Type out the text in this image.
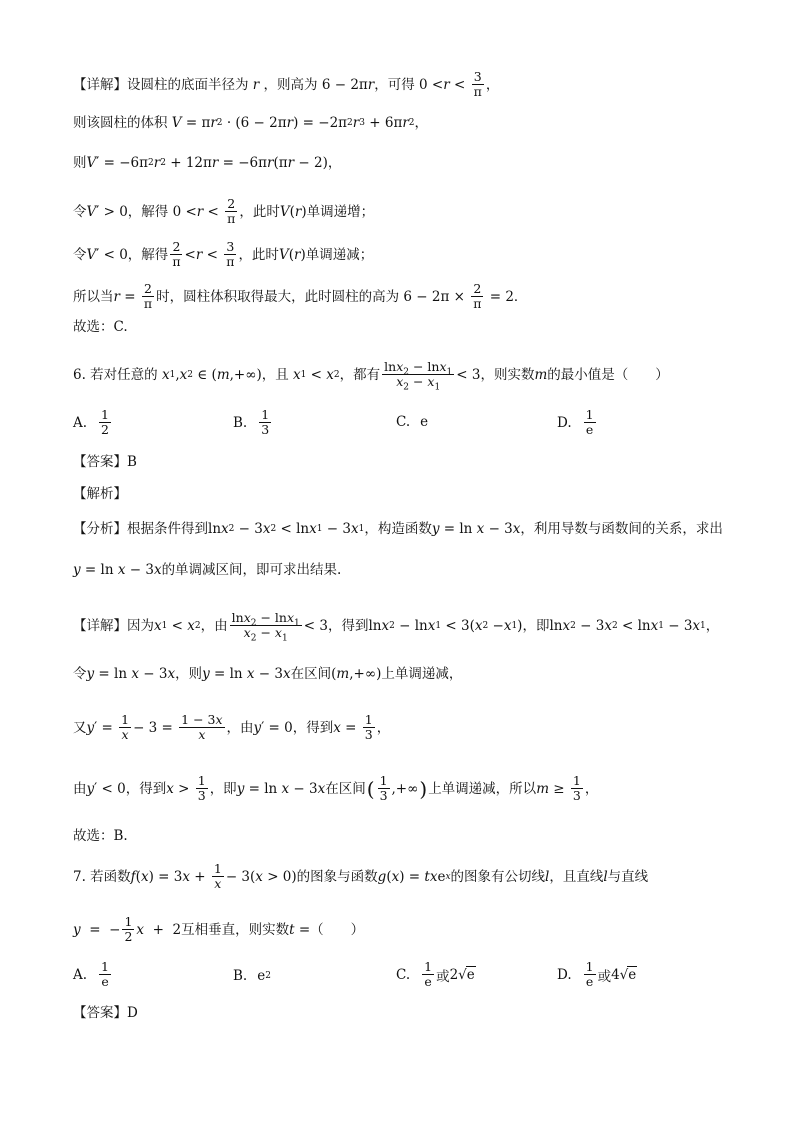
【详解】设圆柱的底面半径为 r ，则高为 6 − 2π r ，可得 $0 < r < \frac{3}{\pi}$ ，
则该圆柱的体积 V = π r 2 · (6 − 2π r ) = −2π 2 r 3 + 6π r 2 ，
则 V ′ = −6π 2 r 2 + 12π r = −6π r (π r − 2)，
令 V ′ > 0，解得 $0 < r < \frac{2}{\pi}$ ，此时 V ( r )单调递增；
令 V ′ < 0，解得 $\frac{2}{\pi} < r < \frac{3}{\pi}$ ，此时 V ( r )单调递减；
所以当 $r = \frac{2}{\pi}$ 时，圆柱体积取得最大，此时圆柱的高为 $6 - 2\pi \times \frac{2}{\pi} = 2$．
故选：C.
6. 若对任意的 x 1 , x 2 ∈ ( m ,+∞)，且 x 1 < x 2 ，都有 $\frac{\ln x_2 - \ln x_1}{x_2 - x_1} < 3$，则实数 m 的最小值是（　　）
A. $\frac{1}{2}$	B. $\frac{1}{3}$	C. e	D. $\frac{1}{e}$
【答案】B
【解析】
【分析】根据条件得到 ln x 2 − 3 x 2 < ln x 1 − 3 x 1 ，构造函数 y = ln x − 3 x ，利用导数与函数间的关系，求出
y = ln x − 3 x 的单调减区间，即可求出结果.
【详解】因为 x 1 < x 2 ，由 $\frac{\ln x_2 - \ln x_1}{x_2 - x_1} < 3$，得到 ln x 2 − ln x 1 < 3( x 2 − x 1 )，即 ln x 2 − 3 x 2 < ln x 1 − 3 x 1 ，
令 y = ln x − 3 x ，则 y = ln x − 3 x 在区间( m ,+∞)上单调递减，
又 y ′ = $\frac{1}{x} - 3 = \frac{1 - 3x}{x}$ ，由 y ′ = 0，得到 $x = \frac{1}{3}$ ，
由 y ′ < 0，得到 $x > \frac{1}{3}$ ，即 y = ln x − 3 x 在区间 ( $\frac{1}{3}$ ,+∞ ) 上单调递减，所以 $m \ge \frac{1}{3}$ ，
故选：B.
7. 若函数 f ( x ) = 3 $x + \frac{1}{x} - 3$( x > 0)的图象与函数 g ( x ) = tx e x 的图象有公切线 l ，且直线 l 与直线
y =  − $\frac{1}{2}$ x +  2互相垂直，则实数 t =（　　）
A. $\frac{1}{e}$	B. e 2	C. $\frac{1}{e}$ 或 2√ e	D. $\frac{1}{e}$ 或 4√ e
【答案】D
